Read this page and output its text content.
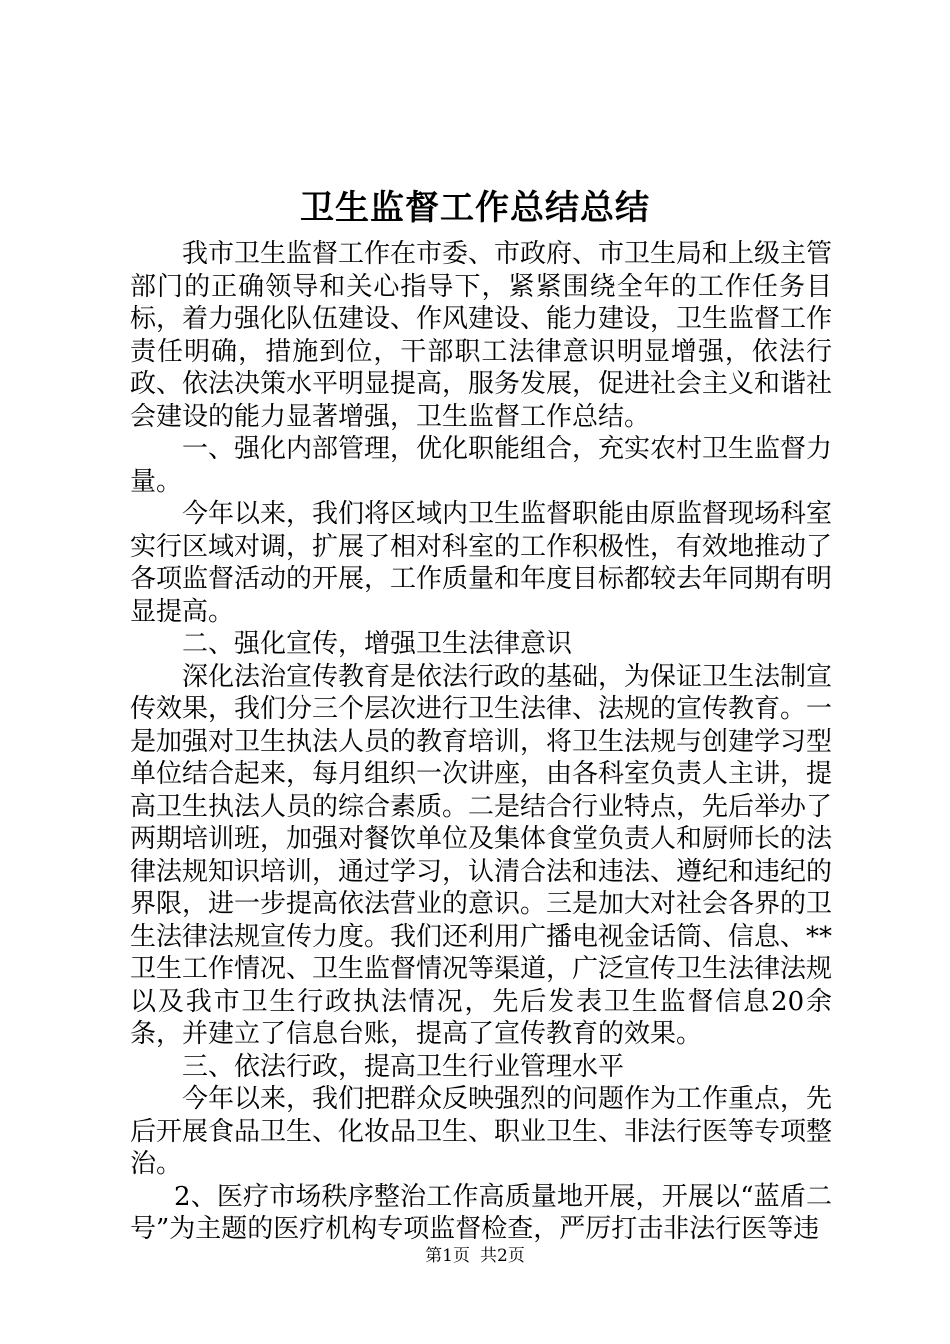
卫生监督工作总结总结

我市卫生监督工作在市委、市政府、市卫生局和上级主管部门的正确领导和关心指导下，紧紧围绕全年的工作任务目标，着力强化队伍建设、作风建设、能力建设，卫生监督工作责任明确，措施到位，干部职工法律意识明显增强，依法行政、依法决策水平明显提高，服务发展，促进社会主义和谐社会建设的能力显著增强，卫生监督工作总结。

一、强化内部管理，优化职能组合，充实农村卫生监督力量。

今年以来，我们将区域内卫生监督职能由原监督现场科室实行区域对调，扩展了相对科室的工作积极性，有效地推动了各项监督活动的开展，工作质量和年度目标都较去年同期有明显提高。

二、强化宣传，增强卫生法律意识

深化法治宣传教育是依法行政的基础，为保证卫生法制宣传效果，我们分三个层次进行卫生法律、法规的宣传教育。一是加强对卫生执法人员的教育培训，将卫生法规与创建学习型单位结合起来，每月组织一次讲座，由各科室负责人主讲，提高卫生执法人员的综合素质。二是结合行业特点，先后举办了两期培训班，加强对餐饮单位及集体食堂负责人和厨师长的法律法规知识培训，通过学习，认清合法和违法、遵纪和违纪的界限，进一步提高依法营业的意识。三是加大对社会各界的卫生法律法规宣传力度。我们还利用广播电视金话筒、信息、**卫生工作情况、卫生监督情况等渠道，广泛宣传卫生法律法规以及我市卫生行政执法情况，先后发表卫生监督信息20余条，并建立了信息台账，提高了宣传教育的效果。

三、依法行政，提高卫生行业管理水平

今年以来，我们把群众反映强烈的问题作为工作重点，先后开展食品卫生、化妆品卫生、职业卫生、非法行医等专项整治。

2、医疗市场秩序整治工作高质量地开展，开展以“蓝盾二号”为主题的医疗机构专项监督检查，严厉打击非法行医等违

第1页 共2页
